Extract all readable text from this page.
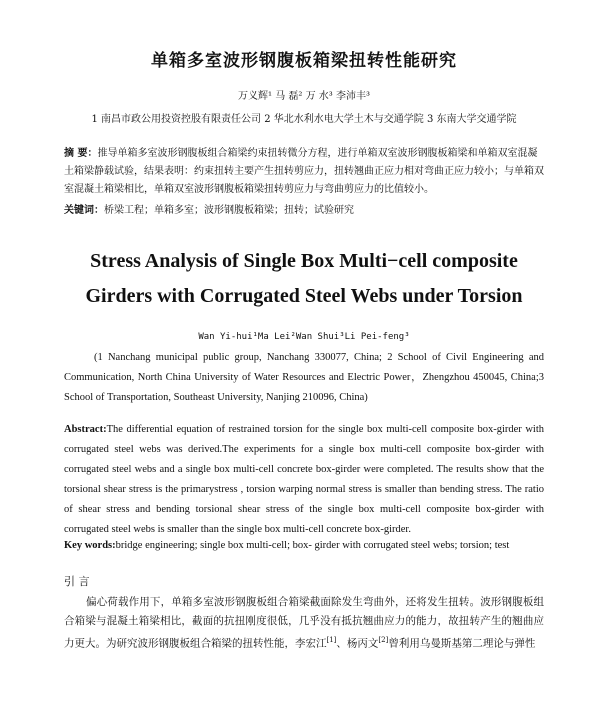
单箱多室波形钢腹板箱梁扭转性能研究
万义辉¹ 马 磊² 万 水³ 李沛丰³
1 南昌市政公用投资控股有限责任公司 2 华北水利水电大学土木与交通学院 3 东南大学交通学院
摘 要：推导单箱多室波形钢腹板组合箱梁约束扭转微分方程，进行单箱双室波形钢腹板箱梁和单箱双室混凝土箱梁静载试验，结果表明：约束扭转主要产生扭转剪应力，扭转翘曲正应力相对弯曲正应力较小；与单箱双室混凝土箱梁相比，单箱双室波形钢腹板箱梁扭转剪应力与弯曲剪应力的比值较小。
关键词：桥梁工程；单箱多室；波形钢腹板箱梁；扭转；试验研究
Stress Analysis of Single Box Multi−cell composite
Girders with Corrugated Steel Webs under Torsion
Wan Yi-hui¹Ma Lei²Wan Shui³Li Pei-feng³
(1 Nanchang municipal public group, Nanchang 330077, China; 2 School of Civil Engineering and Communication, North China University of Water Resources and Electric Power，Zhengzhou 450045, China;3 School of Transportation, Southeast University, Nanjing 210096, China)
Abstract:The differential equation of restrained torsion for the single box multi-cell composite box-girder with corrugated steel webs was derived.The experiments for a single box multi-cell composite box-girder with corrugated steel webs and a single box multi-cell concrete box-girder were completed. The results show that the torsional shear stress is the primarystress , torsion warping normal stress is smaller than bending stress. The ratio of shear stress and bending torsional shear stress of the single box multi-cell composite box-girder with corrugated steel webs is smaller than the single box multi-cell concrete box-girder.
Key words:bridge engineering; single box multi-cell; box- girder with corrugated steel webs; torsion; test
引 言
偏心荷载作用下，单箱多室波形钢腹板组合箱梁截面除发生弯曲外，还将发生扭转。波形钢腹板组合箱梁与混凝土箱梁相比，截面的抗扭刚度很低，几乎没有抵抗翘曲应力的能力，故扭转产生的翘曲应力更大。为研究波形钢腹板组合箱梁的扭转性能，李宏江[1]、杨丙文[2]曾利用乌曼斯基第二理论与弹性
